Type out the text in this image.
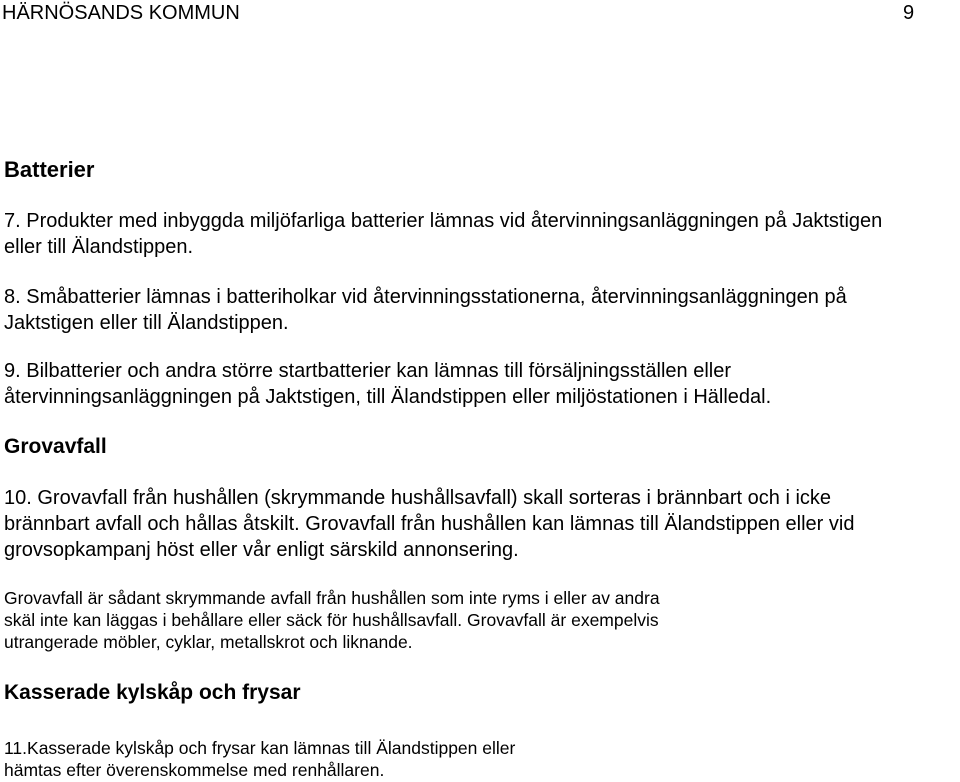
HÄRNÖSANDS KOMMUN	9
Batterier
7. Produkter med inbyggda miljöfarliga batterier lämnas vid återvinningsanläggningen på Jaktstigen
eller till Älandstippen.
8. Småbatterier lämnas i batteriholkar vid återvinningsstationerna, återvinningsanläggningen på
Jaktstigen eller till Älandstippen.
9. Bilbatterier och andra större startbatterier kan lämnas till försäljningsställen eller
återvinningsanläggningen på Jaktstigen, till Älandstippen eller miljöstationen i Hälledal.
Grovavfall
10. Grovavfall från hushållen (skrymmande hushållsavfall) skall sorteras i brännbart och i icke
brännbart avfall och hållas åtskilt. Grovavfall från hushållen kan lämnas till Älandstippen eller vid
grovsopkampanj höst eller vår enligt särskild annonsering.
Grovavfall är sådant skrymmande avfall från hushållen som inte ryms i eller av andra
skäl inte kan läggas i behållare eller säck för hushållsavfall. Grovavfall är exempelvis
utrangerade möbler, cyklar, metallskrot och liknande.
Kasserade kylskåp och frysar
11.Kasserade kylskåp och frysar kan lämnas till Älandstippen eller
hämtas efter överenskommelse med renhållaren.
